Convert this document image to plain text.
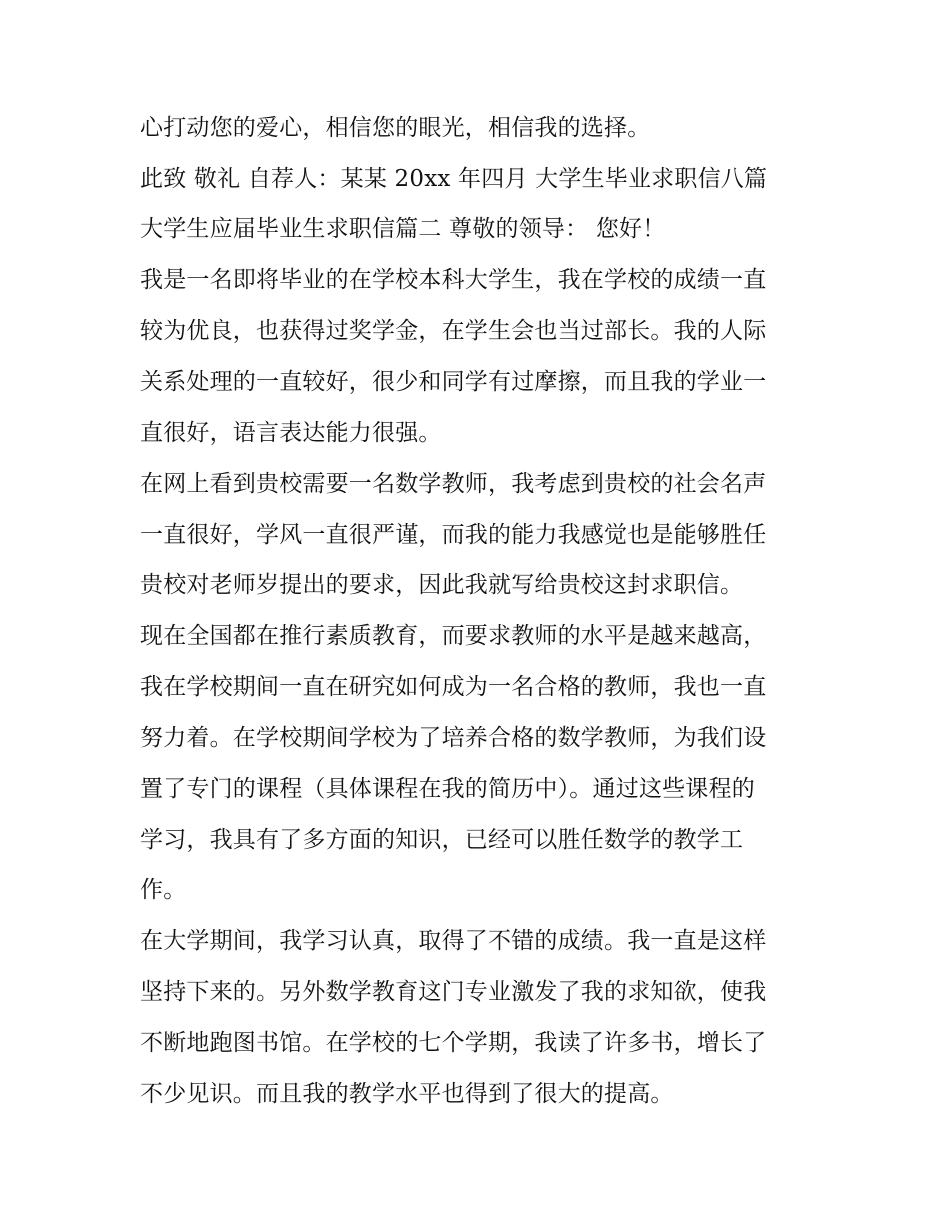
心打动您的爱心，相信您的眼光，相信我的选择。
此致 敬礼 自荐人：某某 20xx 年四月 大学生毕业求职信八篇
大学生应届毕业生求职信篇二 尊敬的领导： 您好！
我是一名即将毕业的在学校本科大学生，我在学校的成绩一直
较为优良，也获得过奖学金，在学生会也当过部长。我的人际
关系处理的一直较好，很少和同学有过摩擦，而且我的学业一
直很好，语言表达能力很强。
在网上看到贵校需要一名数学教师，我考虑到贵校的社会名声
一直很好，学风一直很严谨，而我的能力我感觉也是能够胜任
贵校对老师岁提出的要求，因此我就写给贵校这封求职信。
现在全国都在推行素质教育，而要求教师的水平是越来越高，
我在学校期间一直在研究如何成为一名合格的教师，我也一直
努力着。在学校期间学校为了培养合格的数学教师，为我们设
置了专门的课程（具体课程在我的简历中）。通过这些课程的
学习，我具有了多方面的知识，已经可以胜任数学的教学工
作。
在大学期间，我学习认真，取得了不错的成绩。我一直是这样
坚持下来的。另外数学教育这门专业激发了我的求知欲，使我
不断地跑图书馆。在学校的七个学期，我读了许多书，增长了
不少见识。而且我的教学水平也得到了很大的提高。
